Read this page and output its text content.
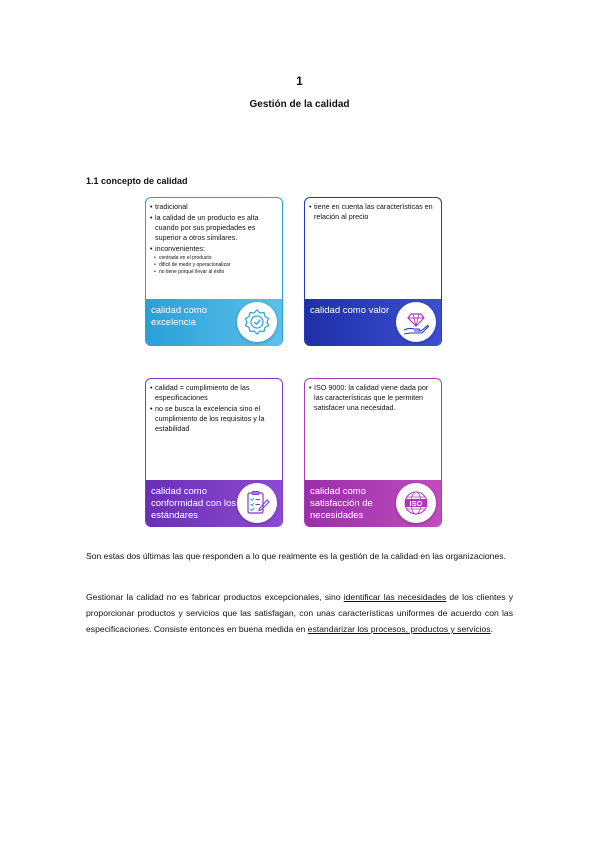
1
Gestión de la calidad
1.1 concepto de calidad
• tradicional
• la calidad de un producto es alta cuando por sus propiedades es superior a otros similares.
• inconvenientes:
• centrada en el producto
• difícil de medir y operacionalizar
• no tiene porqué llevar al éxito
calidad como excelencia
• tiene en cuenta las características en relación al precio
calidad como valor
• calidad = cumplimiento de las especificaciones
• no se busca la excelencia sino el cumplimiento de los requisitos y la estabilidad
calidad como conformidad con los estándares
• ISO 9000: la calidad viene dada por las características que le permiten satisfacer una necesidad.
calidad como satisfacción de necesidades
ISO
Son estas dos últimas las que responden a lo que realmente es la gestión de la calidad en las organizaciones.
Gestionar la calidad no es fabricar productos excepcionales, sino identificar las necesidades de los clientes y proporcionar productos y servicios que las satisfagan, con unas características uniformes de acuerdo con las especificaciones. Consiste entonces en buena medida en estandarizar los procesos, productos y servicios.
